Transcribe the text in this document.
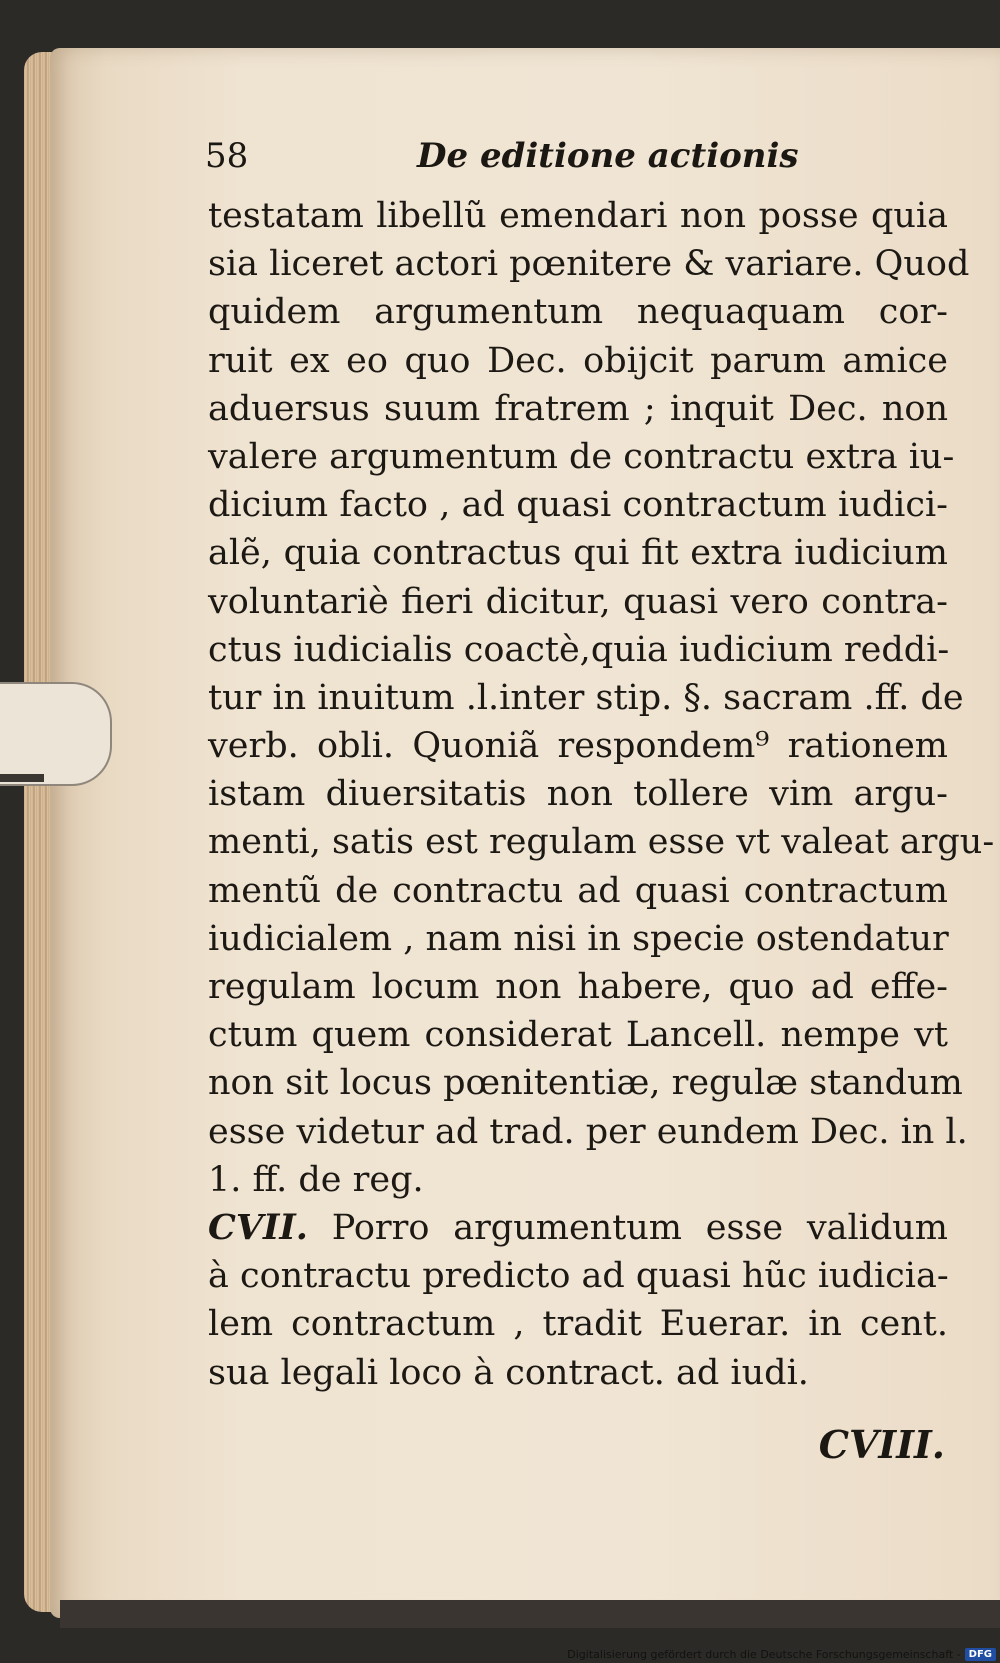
58	De editione actionis
testatam libellũ emendari non posse quia
sia liceret actori pœnitere & variare. Quod
quidem argumentum nequaquam cor-
ruit ex eo quo Dec. obijcit parum amice
aduersus suum fratrem ; inquit Dec. non
valere argumentum de contractu extra iu-
dicium facto , ad quasi contractum iudici-
alẽ, quia contractus qui fit extra iudicium
voluntariè fieri dicitur, quasi vero contra-
ctus iudicialis coactè,quia iudicium reddi-
tur in inuitum .l.inter stip. §. sacram .ff. de
verb. obli. Quoniã respondem⁹ rationem
istam diuersitatis non tollere vim argu-
menti, satis est regulam esse vt valeat argu-
mentũ de contractu ad quasi contractum
iudicialem , nam nisi in specie ostendatur
regulam locum non habere, quo ad effe-
ctum quem considerat Lancell. nempe vt
non sit locus pœnitentiæ, regulæ standum
esse videtur ad trad. per eundem Dec. in l.
1. ff. de reg.
CVII. Porro argumentum esse validum
à contractu predicto ad quasi hũc iudicia-
lem contractum , tradit Euerar. in cent.
sua legali loco à contract. ad iudi.
CVIII.
Digitalisierung gefördert durch die Deutsche Forschungsgemeinschaft - DFG
